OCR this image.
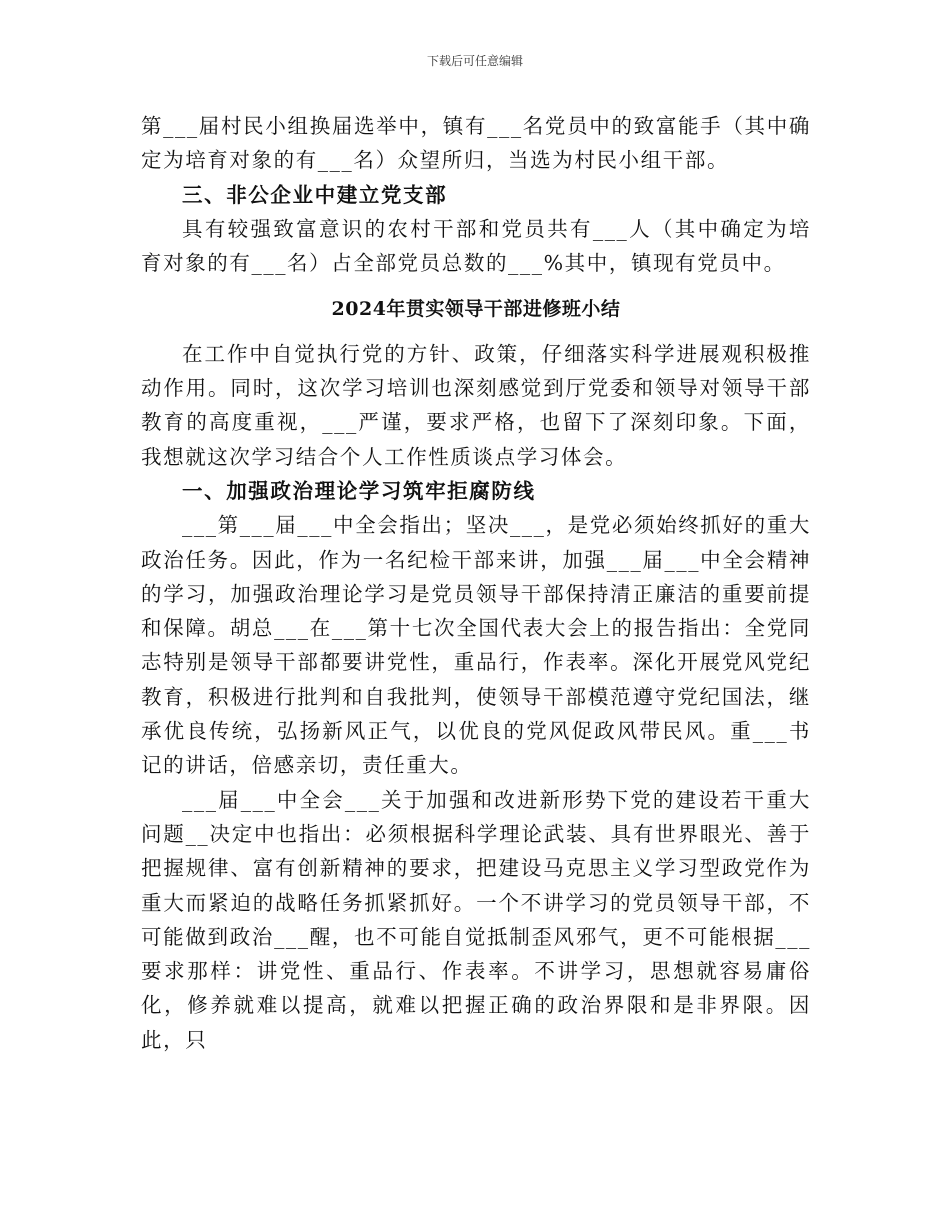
下载后可任意编辑

第___届村民小组换届选举中，镇有___名党员中的致富能手（其中确定为培育对象的有___名）众望所归，当选为村民小组干部。

三、非公企业中建立党支部

具有较强致富意识的农村干部和党员共有___人（其中确定为培育对象的有___名）占全部党员总数的___%其中，镇现有党员中。

2024年贯实领导干部进修班小结

在工作中自觉执行党的方针、政策，仔细落实科学进展观积极推动作用。同时，这次学习培训也深刻感觉到厅党委和领导对领导干部教育的高度重视，___严谨，要求严格，也留下了深刻印象。下面，我想就这次学习结合个人工作性质谈点学习体会。

一、加强政治理论学习筑牢拒腐防线

___第___届___中全会指出；坚决___，是党必须始终抓好的重大政治任务。因此，作为一名纪检干部来讲，加强___届___中全会精神的学习，加强政治理论学习是党员领导干部保持清正廉洁的重要前提和保障。胡总___在___第十七次全国代表大会上的报告指出：全党同志特别是领导干部都要讲党性，重品行，作表率。深化开展党风党纪教育，积极进行批判和自我批判，使领导干部模范遵守党纪国法，继承优良传统，弘扬新风正气，以优良的党风促政风带民风。重___书记的讲话，倍感亲切，责任重大。

___届___中全会___关于加强和改进新形势下党的建设若干重大问题__决定中也指出：必须根据科学理论武装、具有世界眼光、善于把握规律、富有创新精神的要求，把建设马克思主义学习型政党作为重大而紧迫的战略任务抓紧抓好。一个不讲学习的党员领导干部，不可能做到政治___醒，也不可能自觉抵制歪风邪气，更不可能根据___要求那样：讲党性、重品行、作表率。不讲学习，思想就容易庸俗化，修养就难以提高，就难以把握正确的政治界限和是非界限。因此，只
